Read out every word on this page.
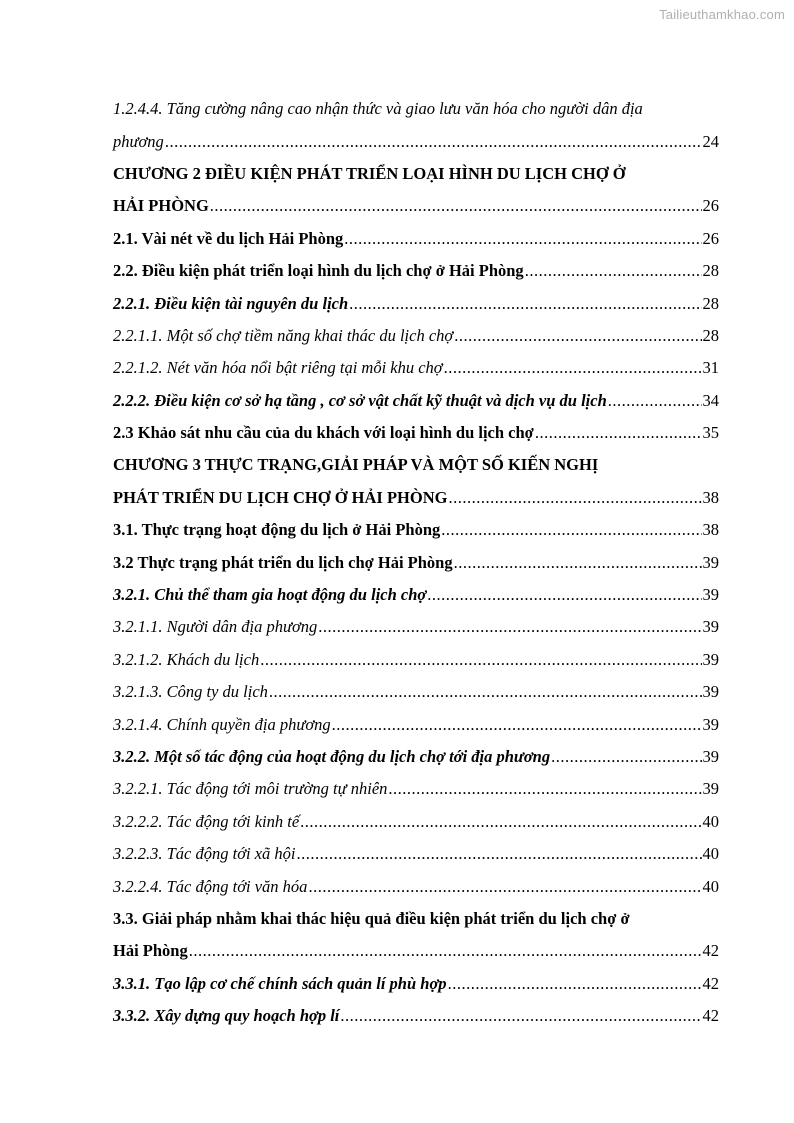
Tailieuthamkhao.com
1.2.4.4. Tăng cường nâng cao nhận thức và giao lưu văn hóa cho người dân địa
phương .....	24
CHƯƠNG 2 ĐIỀU KIỆN PHÁT TRIỂN LOẠI HÌNH DU LỊCH CHỢ Ở
HẢI PHÒNG .....	26
2.1. Vài nét về du lịch Hải Phòng .....	26
2.2. Điều kiện phát triển loại hình du lịch chợ ở Hải Phòng .....	28
2.2.1. Điều kiện tài nguyên du lịch .....	28
2.2.1.1. Một số chợ tiềm năng khai thác du lịch chợ .....	28
2.2.1.2. Nét văn hóa nổi bật riêng tại mỗi khu chợ .....	31
2.2.2. Điều kiện cơ sở hạ tầng , cơ sở vật chất kỹ thuật và dịch vụ du lịch .....	34
2.3 Khảo sát nhu cầu của du khách với loại hình du lịch chợ .....	35
CHƯƠNG 3 THỰC TRẠNG,GIẢI PHÁP VÀ MỘT SỐ KIẾN NGHỊ
PHÁT TRIỂN DU LỊCH CHỢ Ở HẢI PHÒNG .....	38
3.1. Thực trạng hoạt động du lịch ở Hải Phòng .....	38
3.2 Thực trạng phát triển du lịch chợ Hải Phòng .....	39
3.2.1. Chủ thể tham gia hoạt động du lịch chợ .....	39
3.2.1.1. Người dân địa phương .....	39
3.2.1.2. Khách du lịch .....	39
3.2.1.3. Công ty du lịch .....	39
3.2.1.4. Chính quyền địa phương .....	39
3.2.2. Một số tác động của hoạt động du lịch chợ tới địa phương .....	39
3.2.2.1. Tác động tới môi trường tự nhiên .....	39
3.2.2.2. Tác động tới kinh tế .....	40
3.2.2.3. Tác động tới xã hội .....	40
3.2.2.4. Tác động tới văn hóa .....	40
3.3. Giải pháp nhằm khai thác hiệu quả điều kiện phát triển du lịch chợ ở
Hải Phòng .....	42
3.3.1. Tạo lập cơ chế chính sách quản lí phù hợp .....	42
3.3.2. Xây dựng quy hoạch hợp lí .....	42
